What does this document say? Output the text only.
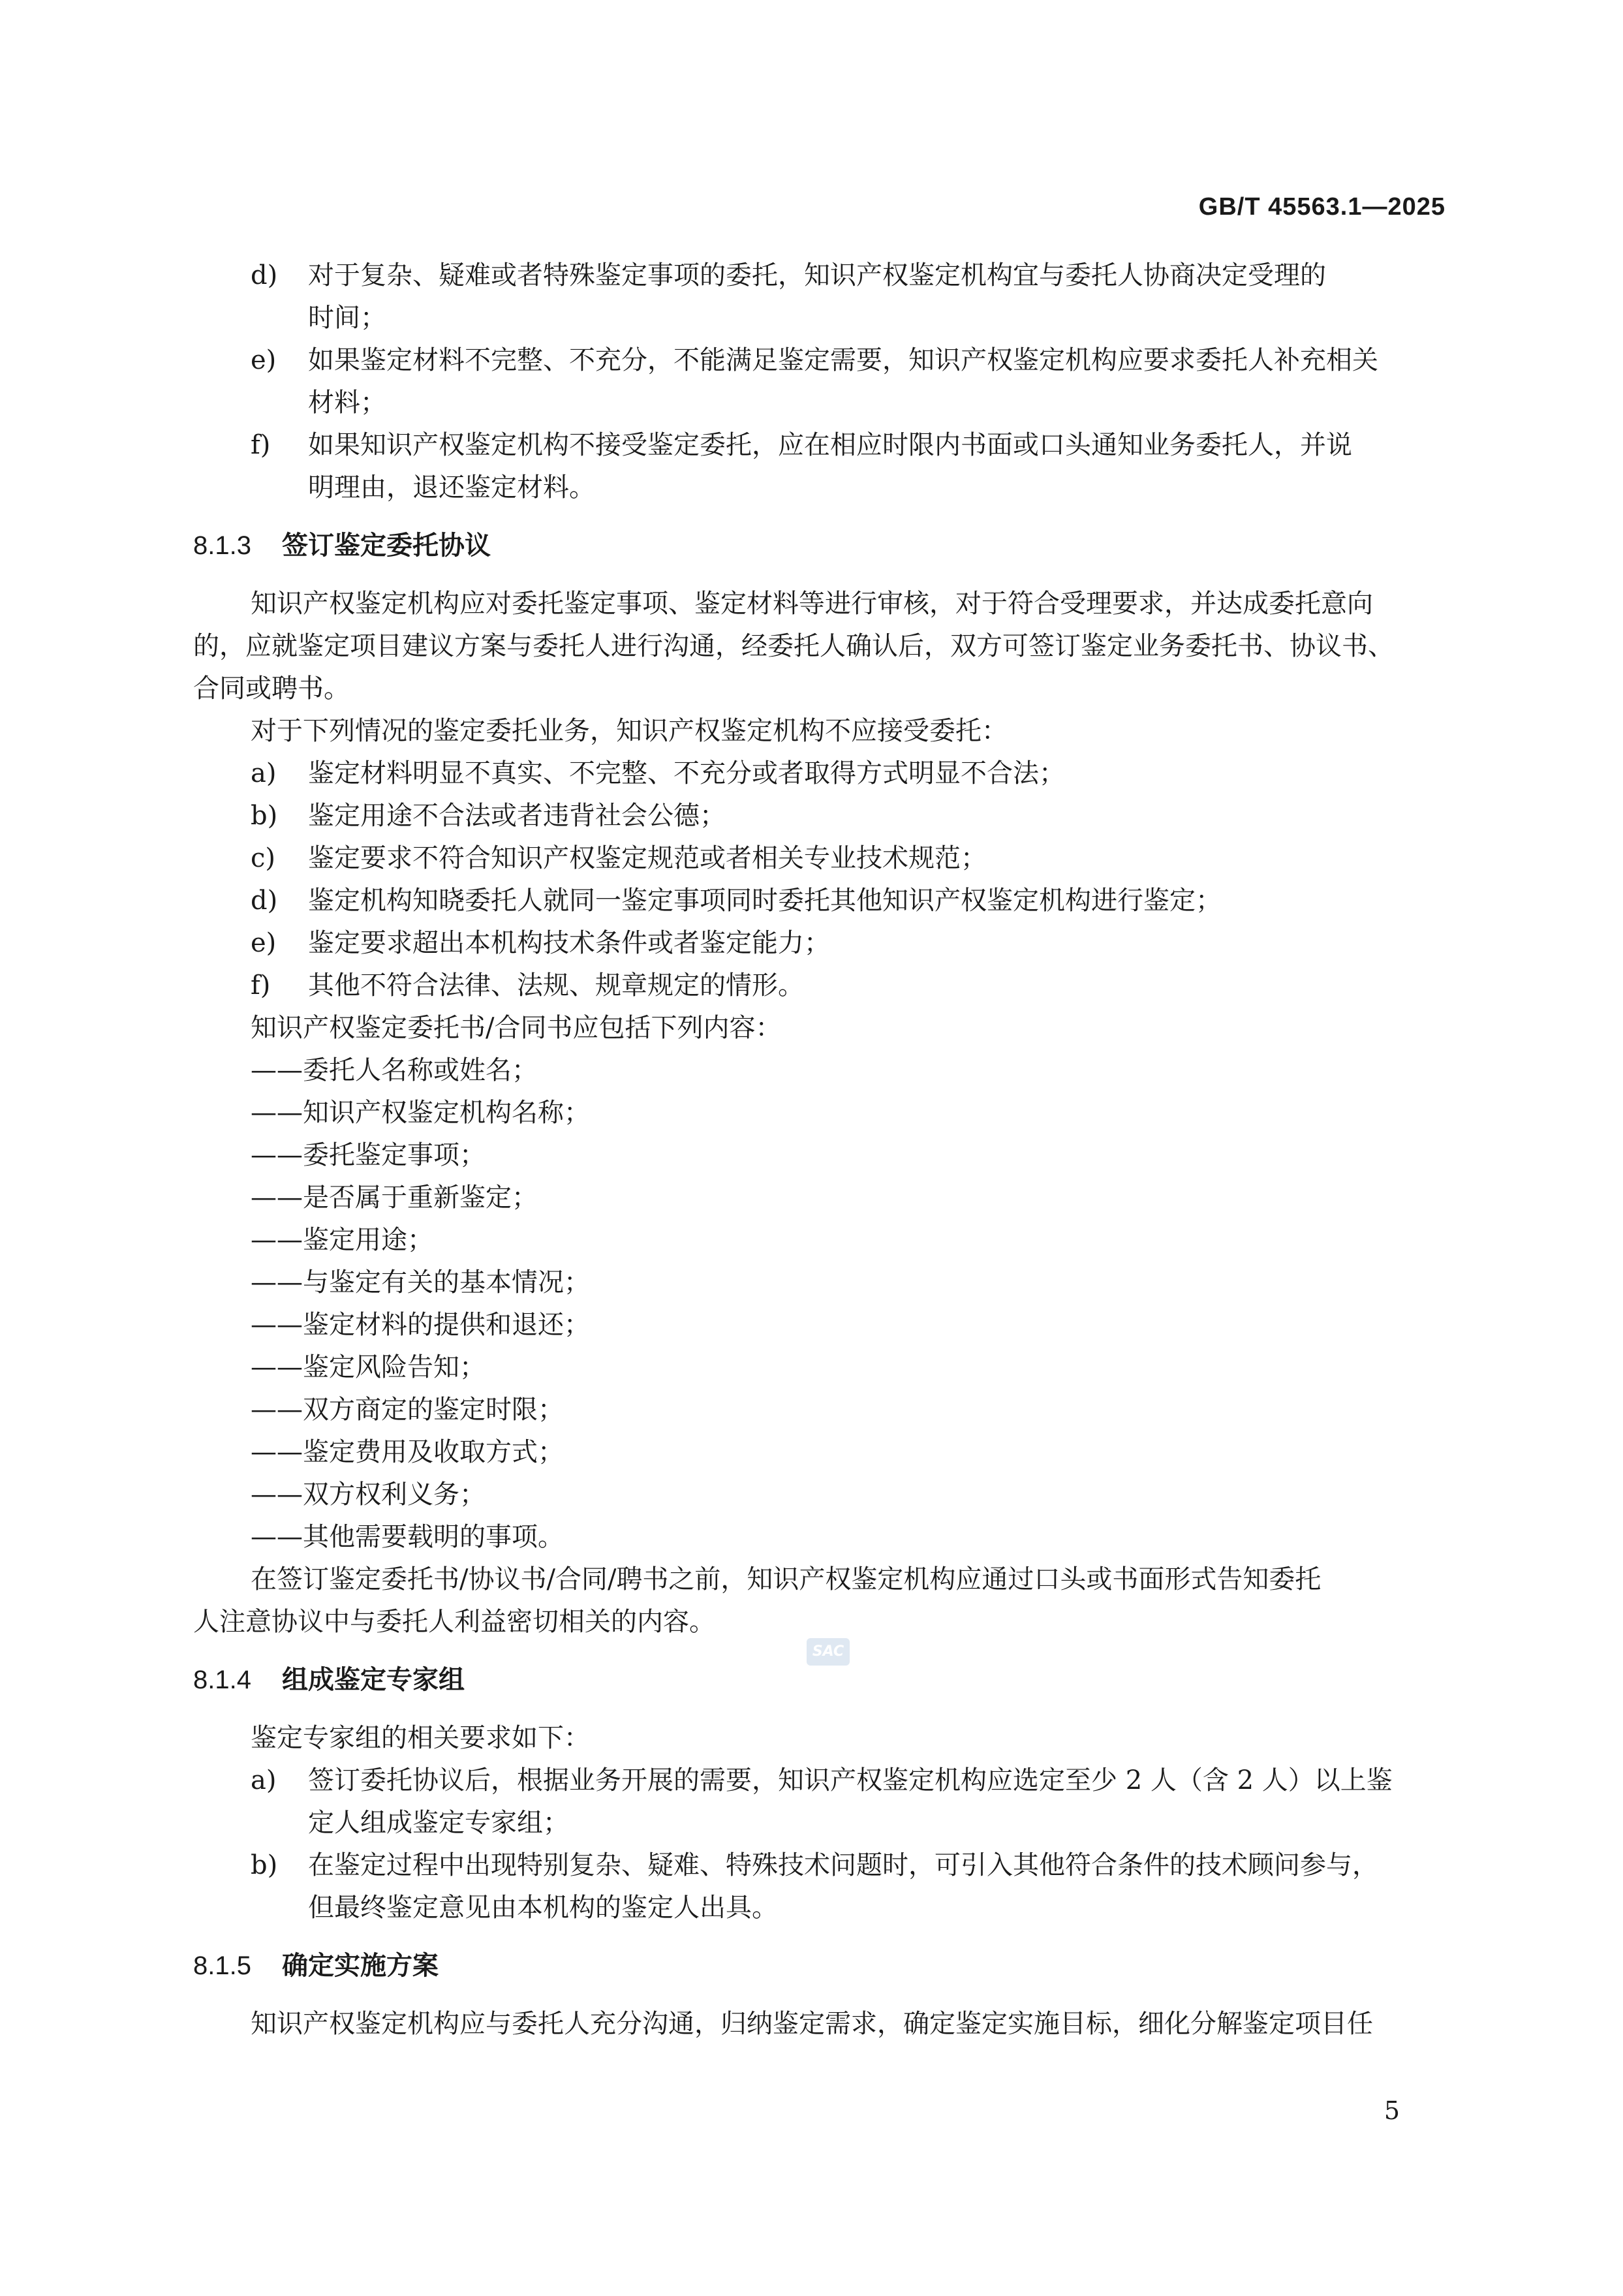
GB/T 45563.1—2025
d) 对于复杂、疑难或者特殊鉴定事项的委托，知识产权鉴定机构宜与委托人协商决定受理的
时间；
e) 如果鉴定材料不完整、不充分，不能满足鉴定需要，知识产权鉴定机构应要求委托人补充相关
材料；
f) 如果知识产权鉴定机构不接受鉴定委托，应在相应时限内书面或口头通知业务委托人，并说
明理由，退还鉴定材料。
8.1.3 签订鉴定委托协议
知识产权鉴定机构应对委托鉴定事项、鉴定材料等进行审核，对于符合受理要求，并达成委托意向
的，应就鉴定项目建议方案与委托人进行沟通，经委托人确认后，双方可签订鉴定业务委托书、协议书、
合同或聘书。
对于下列情况的鉴定委托业务，知识产权鉴定机构不应接受委托：
a) 鉴定材料明显不真实、不完整、不充分或者取得方式明显不合法；
b) 鉴定用途不合法或者违背社会公德；
c) 鉴定要求不符合知识产权鉴定规范或者相关专业技术规范；
d) 鉴定机构知晓委托人就同一鉴定事项同时委托其他知识产权鉴定机构进行鉴定；
e) 鉴定要求超出本机构技术条件或者鉴定能力；
f) 其他不符合法律、法规、规章规定的情形。
知识产权鉴定委托书/合同书应包括下列内容：
——委托人名称或姓名；
——知识产权鉴定机构名称；
——委托鉴定事项；
——是否属于重新鉴定；
——鉴定用途；
——与鉴定有关的基本情况；
——鉴定材料的提供和退还；
——鉴定风险告知；
——双方商定的鉴定时限；
——鉴定费用及收取方式；
——双方权利义务；
——其他需要载明的事项。
在签订鉴定委托书/协议书/合同/聘书之前，知识产权鉴定机构应通过口头或书面形式告知委托
人注意协议中与委托人利益密切相关的内容。
8.1.4 组成鉴定专家组
鉴定专家组的相关要求如下：
a) 签订委托协议后，根据业务开展的需要，知识产权鉴定机构应选定至少 2 人（含 2 人）以上鉴
定人组成鉴定专家组；
b) 在鉴定过程中出现特别复杂、疑难、特殊技术问题时，可引入其他符合条件的技术顾问参与，
但最终鉴定意见由本机构的鉴定人出具。
8.1.5 确定实施方案
知识产权鉴定机构应与委托人充分沟通，归纳鉴定需求，确定鉴定实施目标，细化分解鉴定项目任
SAC
5
